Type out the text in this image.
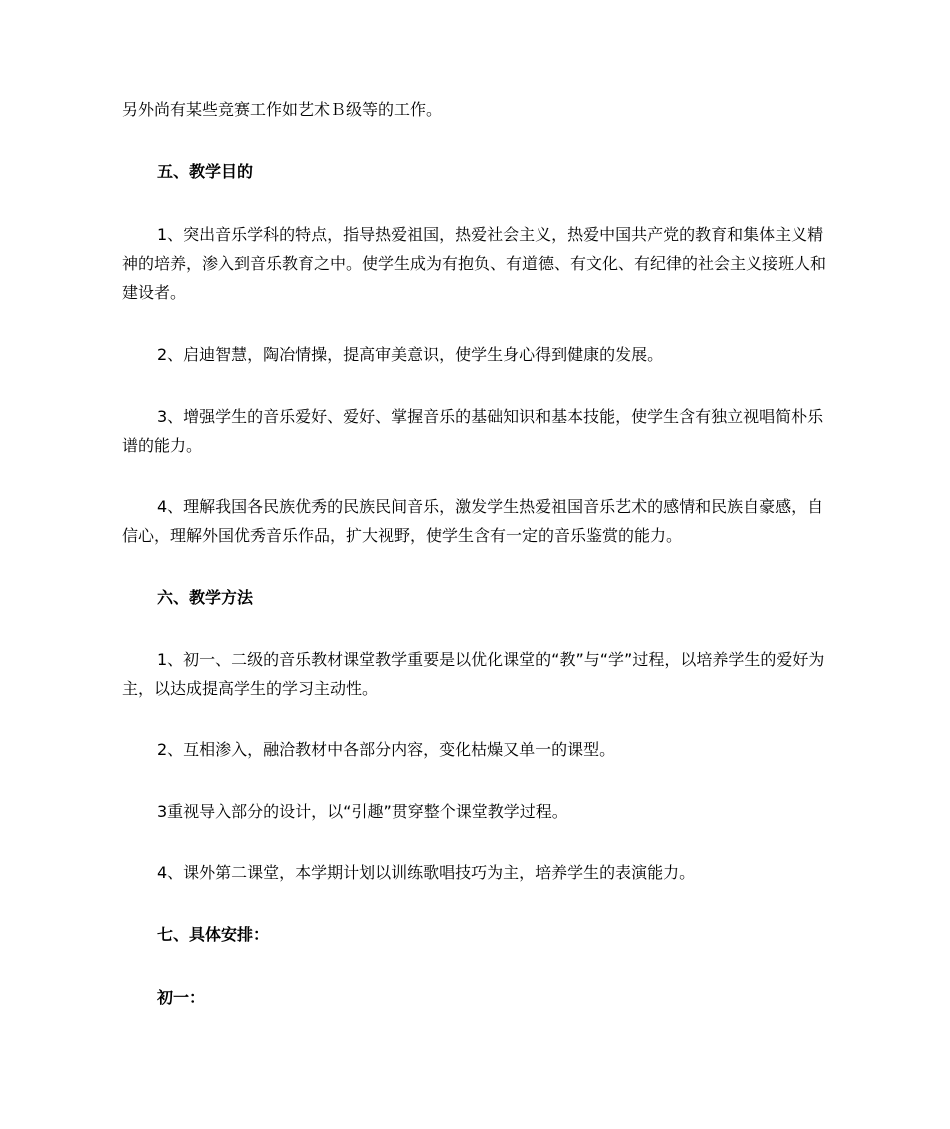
另外尚有某些竞赛工作如艺术Ｂ级等的工作。

五、教学目的

1、突出音乐学科的特点，指导热爱祖国，热爱社会主义，热爱中国共产党的教育和集体主义精神的培养，渗入到音乐教育之中。使学生成为有抱负、有道德、有文化、有纪律的社会主义接班人和建设者。

2、启迪智慧，陶冶情操，提高审美意识，使学生身心得到健康的发展。

3、增强学生的音乐爱好、爱好、掌握音乐的基础知识和基本技能，使学生含有独立视唱简朴乐谱的能力。

4、理解我国各民族优秀的民族民间音乐，激发学生热爱祖国音乐艺术的感情和民族自豪感，自信心，理解外国优秀音乐作品，扩大视野，使学生含有一定的音乐鉴赏的能力。

六、教学方法

1、初一、二级的音乐教材课堂教学重要是以优化课堂的“教”与“学”过程，以培养学生的爱好为主，以达成提高学生的学习主动性。

2、互相渗入，融洽教材中各部分内容，变化枯燥又单一的课型。

3重视导入部分的设计，以“引趣”贯穿整个课堂教学过程。

4、课外第二课堂，本学期计划以训练歌唱技巧为主，培养学生的表演能力。

七、具体安排：

初一：
